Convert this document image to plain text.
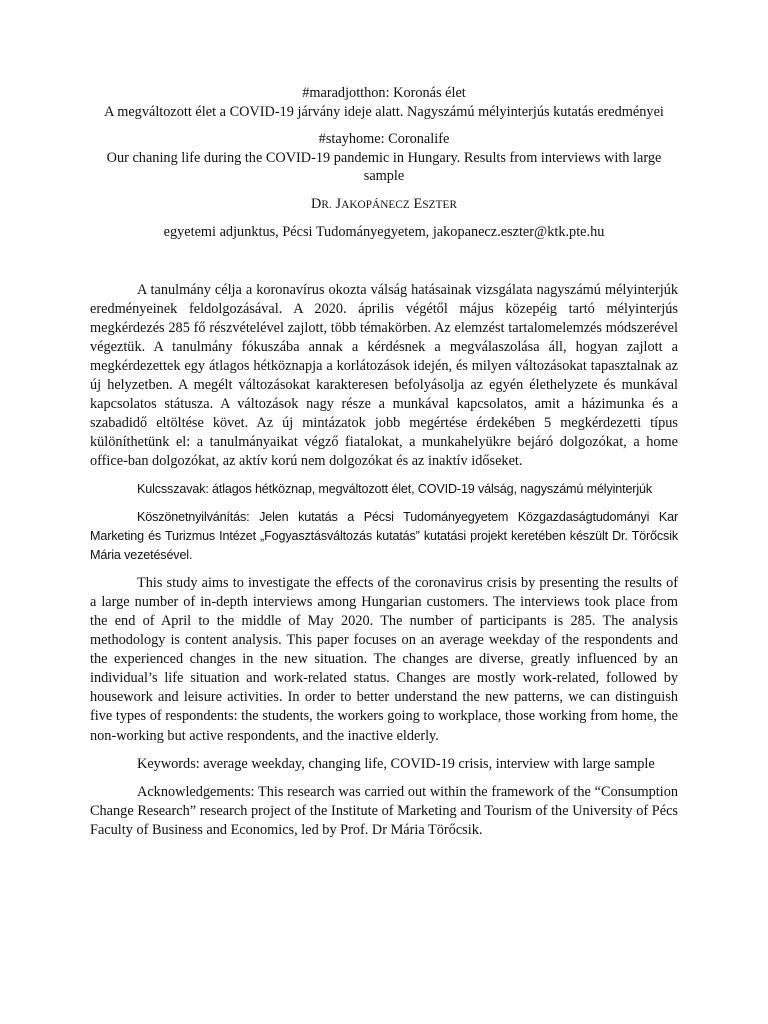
#maradjotthon: Koronás élet
A megváltozott élet a COVID-19 járvány ideje alatt. Nagyszámú mélyinterjús kutatás eredményei
#stayhome: Coronalife
Our chaning life during the COVID-19 pandemic in Hungary. Results from interviews with large sample
DR. JAKOPÁNECZ ESZTER
egyetemi adjunktus, Pécsi Tudományegyetem, jakopanecz.eszter@ktk.pte.hu

A tanulmány célja a koronavírus okozta válság hatásainak vizsgálata nagyszámú mélyinterjúk eredményeinek feldolgozásával. A 2020. április végétől május közepéig tartó mélyinterjús megkérdezés 285 fő részvételével zajlott, több témakörben. Az elemzést tartalomelemzés módszerével végeztük. A tanulmány fókuszába annak a kérdésnek a megválaszolása áll, hogyan zajlott a megkérdezettek egy átlagos hétköznapja a korlátozások idején, és milyen változásokat tapasztalnak az új helyzetben. A megélt változásokat karakteresen befolyásolja az egyén élethelyzete és munkával kapcsolatos státusza. A változások nagy része a munkával kapcsolatos, amit a házimunka és a szabadidő eltöltése követ. Az új mintázatok jobb megértése érdekében 5 megkérdezetti típus különíthetünk el: a tanulmányaikat végző fiatalokat, a munkahelyükre bejáró dolgozókat, a home office-ban dolgozókat, az aktív korú nem dolgozókat és az inaktív időseket.

Kulcsszavak: átlagos hétköznap, megváltozott élet, COVID-19 válság, nagyszámú mélyinterjúk

Köszönetnyilvánítás: Jelen kutatás a Pécsi Tudományegyetem Közgazdaságtudományi Kar Marketing és Turizmus Intézet „Fogyasztásváltozás kutatás” kutatási projekt keretében készült Dr. Törőcsik Mária vezetésével.

This study aims to investigate the effects of the coronavirus crisis by presenting the results of a large number of in-depth interviews among Hungarian customers. The interviews took place from the end of April to the middle of May 2020. The number of participants is 285. The analysis methodology is content analysis. This paper focuses on an average weekday of the respondents and the experienced changes in the new situation. The changes are diverse, greatly influenced by an individual’s life situation and work-related status. Changes are mostly work-related, followed by housework and leisure activities. In order to better understand the new patterns, we can distinguish five types of respondents: the students, the workers going to workplace, those working from home, the non-working but active respondents, and the inactive elderly.

Keywords: average weekday, changing life, COVID-19 crisis, interview with large sample

Acknowledgements: This research was carried out within the framework of the “Consumption Change Research” research project of the Institute of Marketing and Tourism of the University of Pécs Faculty of Business and Economics, led by Prof. Dr Mária Törőcsik.
